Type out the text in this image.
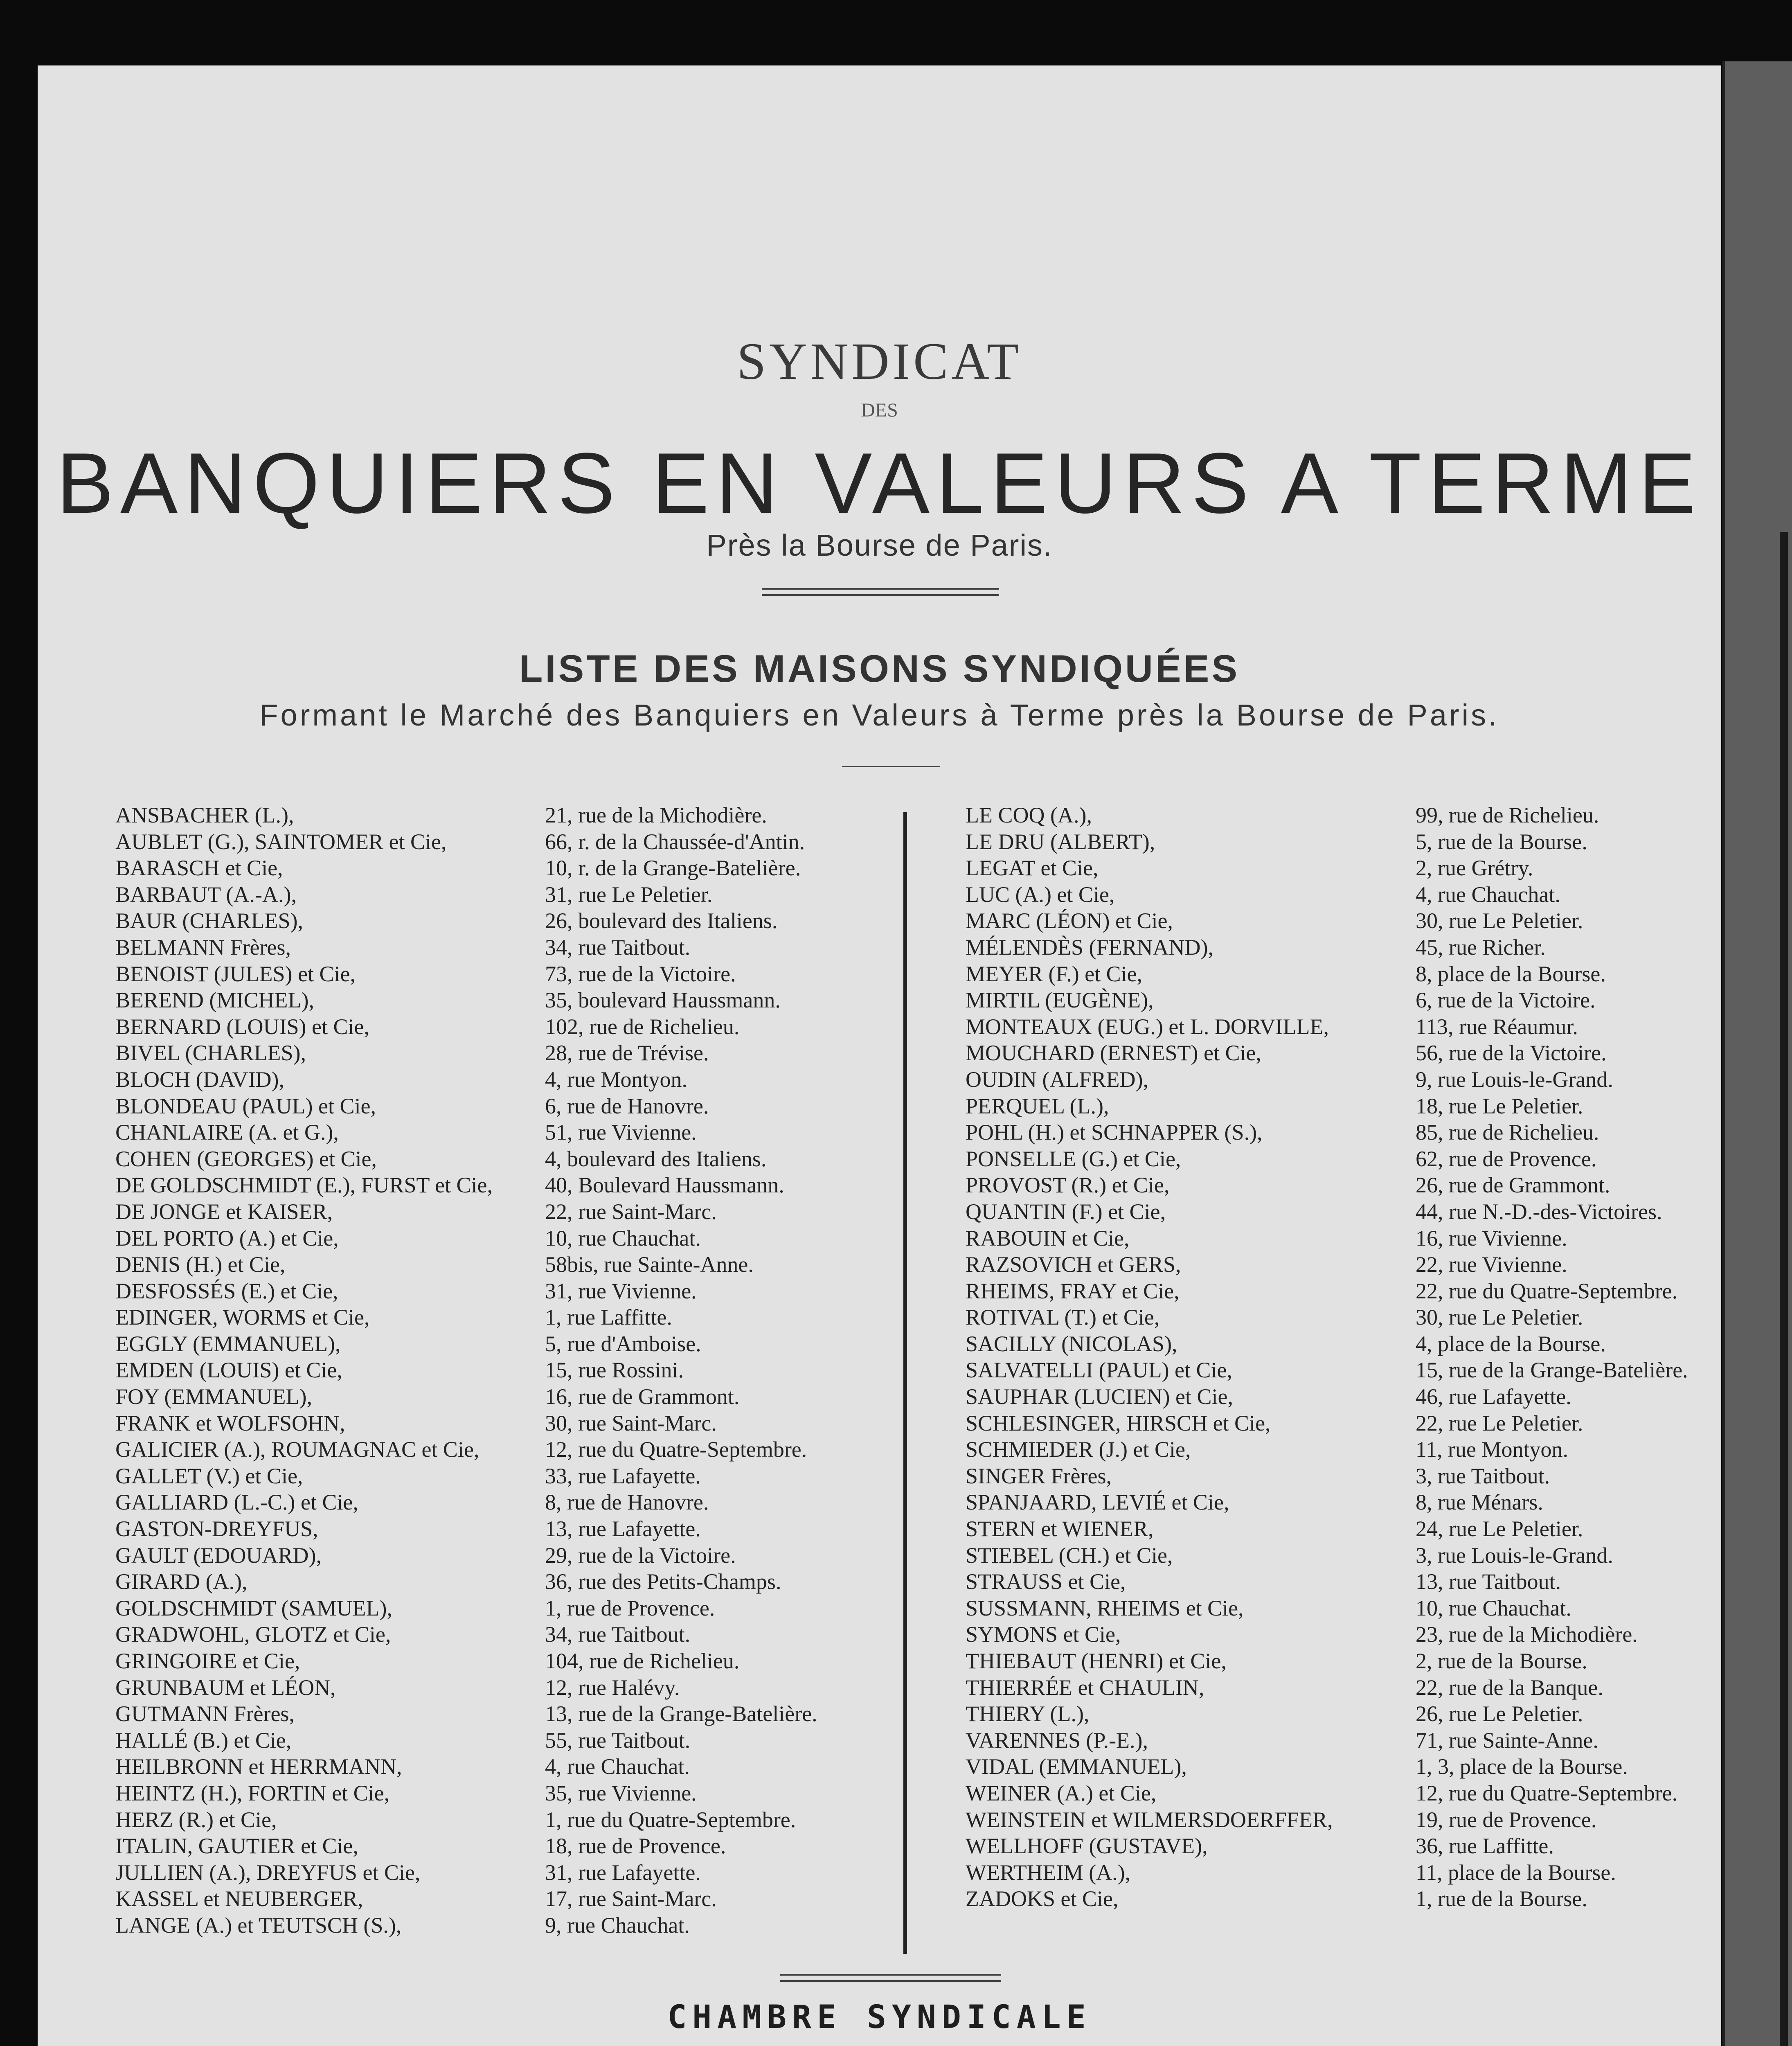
SYNDICAT
DES
BANQUIERS EN VALEURS A TERME
Près la Bourse de Paris.
LISTE DES MAISONS SYNDIQUÉES
Formant le Marché des Banquiers en Valeurs à Terme près la Bourse de Paris.
ANSBACHER (L.),	21, rue de la Michodière.
AUBLET (G.), SAINTOMER et Cie,	66, r. de la Chaussée-d'Antin.
BARASCH et Cie,	10, r. de la Grange-Batelière.
BARBAUT (A.-A.),	31, rue Le Peletier.
BAUR (CHARLES),	26, boulevard des Italiens.
BELMANN Frères,	34, rue Taitbout.
BENOIST (JULES) et Cie,	73, rue de la Victoire.
BEREND (MICHEL),	35, boulevard Haussmann.
BERNARD (LOUIS) et Cie,	102, rue de Richelieu.
BIVEL (CHARLES),	28, rue de Trévise.
BLOCH (DAVID),	4, rue Montyon.
BLONDEAU (PAUL) et Cie,	6, rue de Hanovre.
CHANLAIRE (A. et G.),	51, rue Vivienne.
COHEN (GEORGES) et Cie,	4, boulevard des Italiens.
DE GOLDSCHMIDT (E.), FURST et Cie, 40, Boulevard Haussmann.
DE JONGE et KAISER,	22, rue Saint-Marc.
DEL PORTO (A.) et Cie,	10, rue Chauchat.
DENIS (H.) et Cie,	58bis, rue Sainte-Anne.
DESFOSSÉS (E.) et Cie,	31, rue Vivienne.
EDINGER, WORMS et Cie,	1, rue Laffitte.
EGGLY (EMMANUEL),	5, rue d'Amboise.
EMDEN (LOUIS) et Cie,	15, rue Rossini.
FOY (EMMANUEL),	16, rue de Grammont.
FRANK et WOLFSOHN,	30, rue Saint-Marc.
GALICIER (A.), ROUMAGNAC et Cie,	12, rue du Quatre-Septembre.
GALLET (V.) et Cie,	33, rue Lafayette.
GALLIARD (L.-C.) et Cie,	8, rue de Hanovre.
GASTON-DREYFUS,	13, rue Lafayette.
GAULT (EDOUARD),	29, rue de la Victoire.
GIRARD (A.),	36, rue des Petits-Champs.
GOLDSCHMIDT (SAMUEL),	1, rue de Provence.
GRADWOHL, GLOTZ et Cie,	34, rue Taitbout.
GRINGOIRE et Cie,	104, rue de Richelieu.
GRUNBAUM et LÉON,	12, rue Halévy.
GUTMANN Frères,	13, rue de la Grange-Batelière.
HALLÉ (B.) et Cie,	55, rue Taitbout.
HEILBRONN et HERRMANN,	4, rue Chauchat.
HEINTZ (H.), FORTIN et Cie,	35, rue Vivienne.
HERZ (R.) et Cie,	1, rue du Quatre-Septembre.
ITALIN, GAUTIER et Cie,	18, rue de Provence.
JULLIEN (A.), DREYFUS et Cie,	31, rue Lafayette.
KASSEL et NEUBERGER,	17, rue Saint-Marc.
LANGE (A.) et TEUTSCH (S.),	9, rue Chauchat.
LE COQ (A.),	99, rue de Richelieu.
LE DRU (ALBERT),	5, rue de la Bourse.
LEGAT et Cie,	2, rue Grétry.
LUC (A.) et Cie,	4, rue Chauchat.
MARC (LÉON) et Cie,	30, rue Le Peletier.
MÉLENDÈS (FERNAND),	45, rue Richer.
MEYER (F.) et Cie,	8, place de la Bourse.
MIRTIL (EUGÈNE),	6, rue de la Victoire.
MONTEAUX (EUG.) et L. DORVILLE,	113, rue Réaumur.
MOUCHARD (ERNEST) et Cie,	56, rue de la Victoire.
OUDIN (ALFRED),	9, rue Louis-le-Grand.
PERQUEL (L.),	18, rue Le Peletier.
POHL (H.) et SCHNAPPER (S.),	85, rue de Richelieu.
PONSELLE (G.) et Cie,	62, rue de Provence.
PROVOST (R.) et Cie,	26, rue de Grammont.
QUANTIN (F.) et Cie,	44, rue N.-D.-des-Victoires.
RABOUIN et Cie,	16, rue Vivienne.
RAZSOVICH et GERS,	22, rue Vivienne.
RHEIMS, FRAY et Cie,	22, rue du Quatre-Septembre.
ROTIVAL (T.) et Cie,	30, rue Le Peletier.
SACILLY (NICOLAS),	4, place de la Bourse.
SALVATELLI (PAUL) et Cie,	15, rue de la Grange-Batelière.
SAUPHAR (LUCIEN) et Cie,	46, rue Lafayette.
SCHLESINGER, HIRSCH et Cie,	22, rue Le Peletier.
SCHMIEDER (J.) et Cie,	11, rue Montyon.
SINGER Frères,	3, rue Taitbout.
SPANJAARD, LEVIÉ et Cie,	8, rue Ménars.
STERN et WIENER,	24, rue Le Peletier.
STIEBEL (CH.) et Cie,	3, rue Louis-le-Grand.
STRAUSS et Cie,	13, rue Taitbout.
SUSSMANN, RHEIMS et Cie,	10, rue Chauchat.
SYMONS et Cie,	23, rue de la Michodière.
THIEBAUT (HENRI) et Cie,	2, rue de la Bourse.
THIERRÉE et CHAULIN,	22, rue de la Banque.
THIERY (L.),	26, rue Le Peletier.
VARENNES (P.-E.),	71, rue Sainte-Anne.
VIDAL (EMMANUEL),	1, 3, place de la Bourse.
WEINER (A.) et Cie,	12, rue du Quatre-Septembre.
WEINSTEIN et WILMERSDOERFFER,	19, rue de Provence.
WELLHOFF (GUSTAVE),	36, rue Laffitte.
WERTHEIM (A.),	11, place de la Bourse.
ZADOKS et Cie,	1, rue de la Bourse.
CHAMBRE SYNDICALE
